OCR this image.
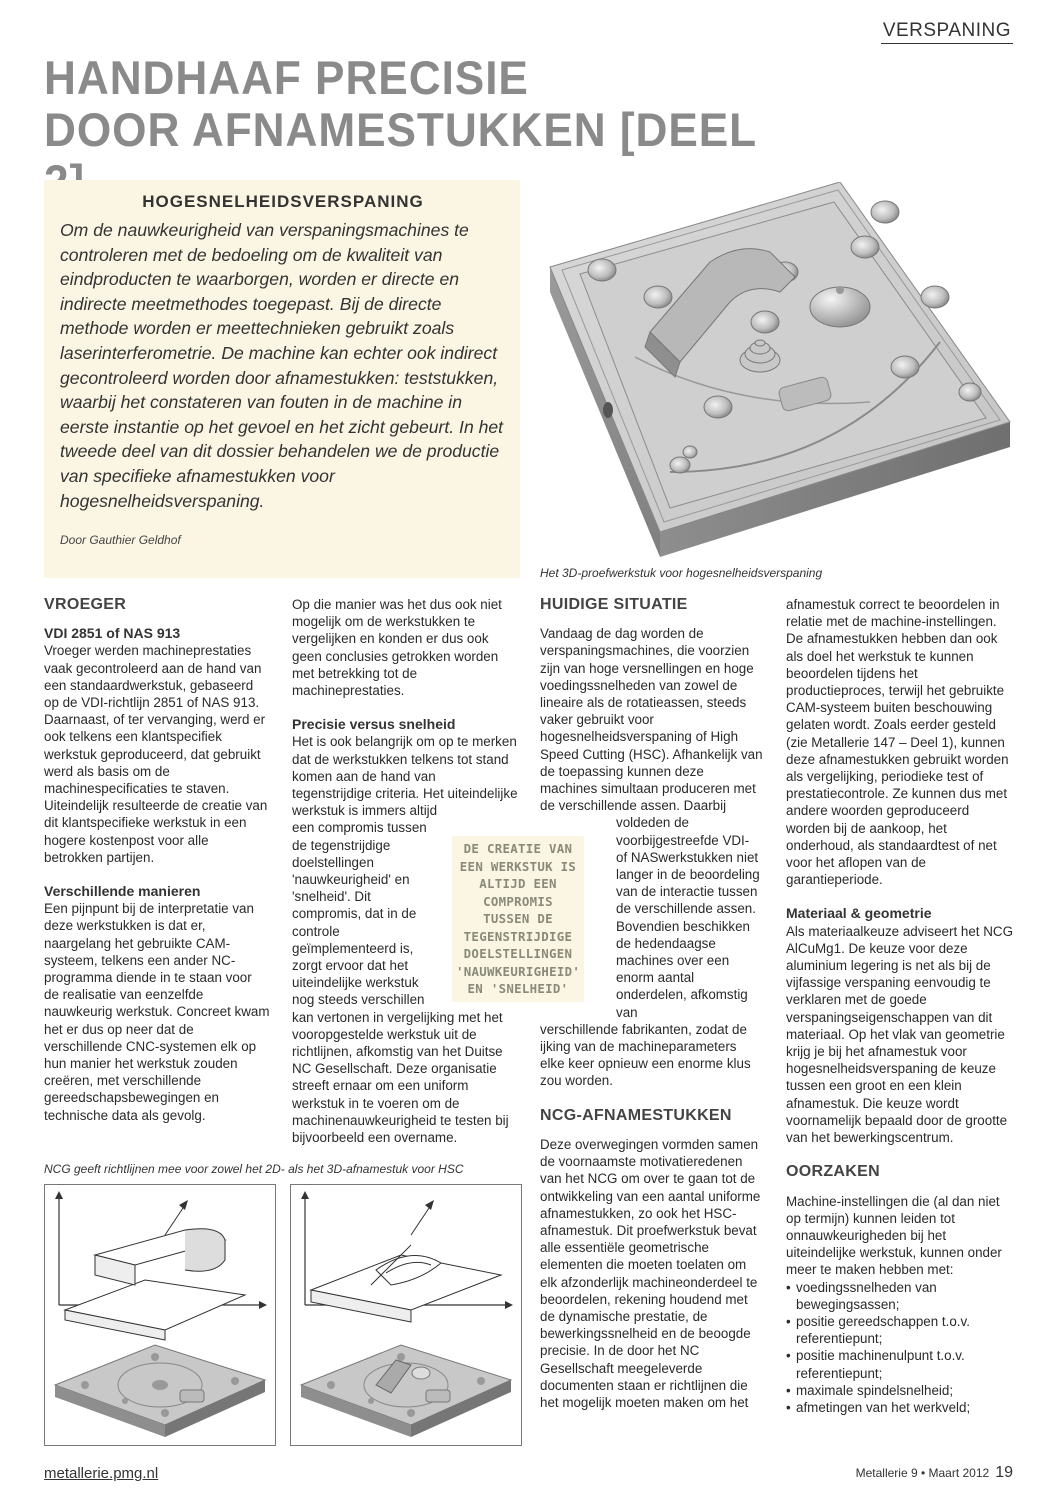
VERSPANING
HANDHAAF PRECISIE
DOOR AFNAMESTUKKEN [DEEL
HOGESNELHEIDSVERSPANING

Om de nauwkeurigheid van verspaningsmachines te controleren met de bedoeling om de kwaliteit van eindproducten te waarborgen, worden er directe en indirecte meetmethodes toegepast. Bij de directe methode worden er meettechnieken gebruikt zoals laserinterferometrie. De machine kan echter ook indirect gecontroleerd worden door afnamestukken: teststukken, waarbij het constateren van fouten in de machine in eerste instantie op het gevoel en het zicht gebeurt. In het tweede deel van dit dossier behandelen we de productie van specifieke afnamestukken voor hogesnelheidsverspaning.

Door Gauthier Geldhof
Het 3D-proefwerkstuk voor hogesnelheidsverspaning
VROEGER
VDI 2851 of NAS 913

Vroeger werden machineprestaties vaak gecontroleerd aan de hand van een standaardwerkstuk, gebaseerd op de VDI-richtlijn 2851 of NAS 913. Daarnaast, of ter vervanging, werd er ook telkens een klantspecifiek werkstuk geproduceerd, dat gebruikt werd als basis om de machinespecificaties te staven. Uiteindelijk resulteerde de creatie van dit klantspecifieke werkstuk in een hogere kostenpost voor alle betrokken partijen.

Verschillende manieren

Een pijnpunt bij de interpretatie van deze werkstukken is dat er, naargelang het gebruikte CAM-systeem, telkens een ander NC-programma diende in te staan voor de realisatie van eenzelfde nauwkeurig werkstuk. Concreet kwam het er dus op neer dat de verschillende CNC-systemen elk op hun manier het werkstuk zouden creëren, met verschillende gereedschapsbewegingen en technische data als gevolg.

Op die manier was het dus ook niet mogelijk om de werkstukken te vergelijken en konden er dus ook geen conclusies getrokken worden met betrekking tot de machineprestaties.

Precisie versus snelheid

Het is ook belangrijk om op te merken dat de werkstukken telkens tot stand komen aan de hand van tegenstrijdige criteria. Het uiteindelijke werkstuk is immers altijd

een compromis tussen de tegenstrijdige doelstellingen 'nauwkeurigheid' en 'snelheid'. Dit compromis, dat in de controle geïmplementeerd is, zorgt ervoor dat het uiteindelijke werkstuk nog steeds verschillen

kan vertonen in vergelijking met het vooropgestelde werkstuk uit de richtlijnen, afkomstig van het Duitse NC Gesellschaft. Deze organisatie streeft ernaar om een uniform werkstuk in te voeren om de machinenauwkeurigheid te testen bij bijvoorbeeld een overname.

DE CREATIE VAN EEN WERKSTUK IS ALTIJD EEN COMPROMIS TUSSEN DE TEGENSTRIJDIGE DOELSTELLINGEN 'NAUWKEURIGHEID' EN 'SNELHEID'
HUIDIGE SITUATIE

Vandaag de dag worden de verspaningsmachines, die voorzien zijn van hoge versnellingen en hoge voedingssnelheden van zowel de lineaire als de rotatieassen, steeds vaker gebruikt voor hogesnelheidsverspaning of High Speed Cutting (HSC). Afhankelijk van de toepassing kunnen deze machines simultaan produceren met de verschillende assen. Daarbij

voldeden de voorbijgestreefde VDI- of NASwerkstukken niet langer in de beoordeling van de interactie tussen de verschillende assen. Bovendien beschikken de hedendaagse machines over een enorm aantal onderdelen, afkomstig van

verschillende fabrikanten, zodat de ijking van de machineparameters elke keer opnieuw een enorme klus zou worden.

NCG-AFNAMESTUKKEN

Deze overwegingen vormden samen de voornaamste motivatieredenen van het NCG om over te gaan tot de ontwikkeling van een aantal uniforme afnamestukken, zo ook het HSC-afnamestuk. Dit proefwerkstuk bevat alle essentiële geometrische elementen die moeten toelaten om elk afzonderlijk machineonderdeel te beoordelen, rekening houdend met de dynamische prestatie, de bewerkingssnelheid en de beoogde precisie. In de door het NC Gesellschaft meegeleverde documenten staan er richtlijnen die het mogelijk moeten maken om het

afnamestuk correct te beoordelen in relatie met de machine-instellingen. De afnamestukken hebben dan ook als doel het werkstuk te kunnen beoordelen tijdens het productieproces, terwijl het gebruikte CAM-systeem buiten beschouwing gelaten wordt. Zoals eerder gesteld (zie Metallerie 147 – Deel 1), kunnen deze afnamestukken gebruikt worden als vergelijking, periodieke test of prestatiecontrole. Ze kunnen dus met andere woorden geproduceerd worden bij de aankoop, het onderhoud, als standaardtest of net voor het aflopen van de garantieperiode.

Materiaal & geometrie

Als materiaalkeuze adviseert het NCG AlCuMg1. De keuze voor deze aluminium legering is net als bij de vijfassige verspaning eenvoudig te verklaren met de goede verspaningseigenschappen van dit materiaal. Op het vlak van geometrie krijg je bij het afnamestuk voor hogesnelheidsverspaning de keuze tussen een groot en een klein afnamestuk. Die keuze wordt voornamelijk bepaald door de grootte van het bewerkingscentrum.

OORZAKEN

Machine-instellingen die (al dan niet op termijn) kunnen leiden tot onnauwkeurigheden bij het uiteindelijke werkstuk, kunnen onder meer te maken hebben met:

• voedingssnelheden van bewegingsassen;
• positie gereedschappen t.o.v. referentiepunt;
• positie machinenulpunt t.o.v. referentiepunt;
• maximale spindelsnelheid;
• afmetingen van het werkveld;
NCG geeft richtlijnen mee voor zowel het 2D- als het 3D-afnamestuk voor HSC
metallerie.pmg.nl	Metallerie 9 • Maart 2012 19
